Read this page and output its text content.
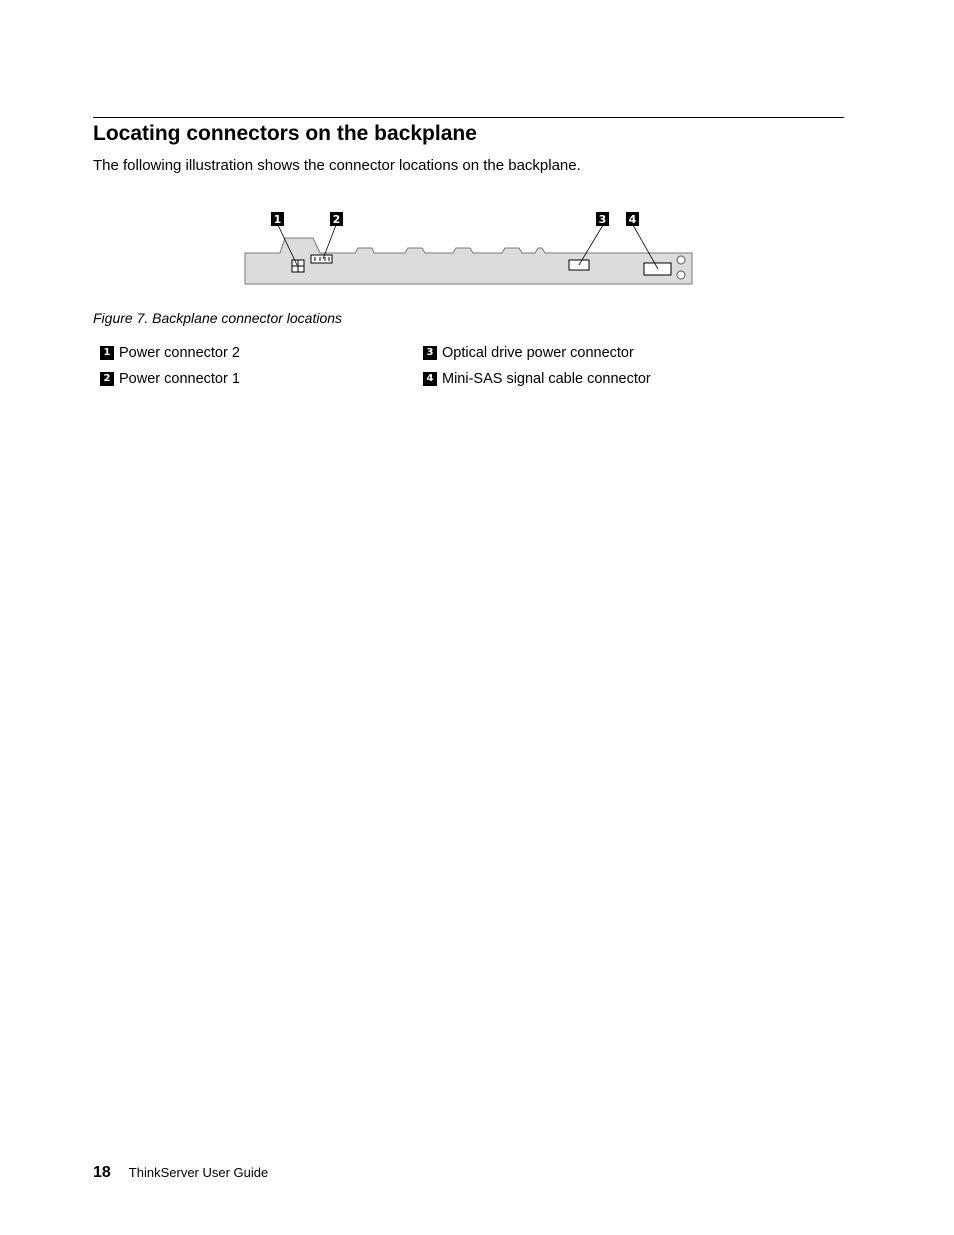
Locating connectors on the backplane

The following illustration shows the connector locations on the backplane.

1	2	3 4

Figure 7. Backplane connector locations

1 Power connector 2
2 Power connector 1
3 Optical drive power connector
4 Mini-SAS signal cable connector
18 ThinkServer User Guide
